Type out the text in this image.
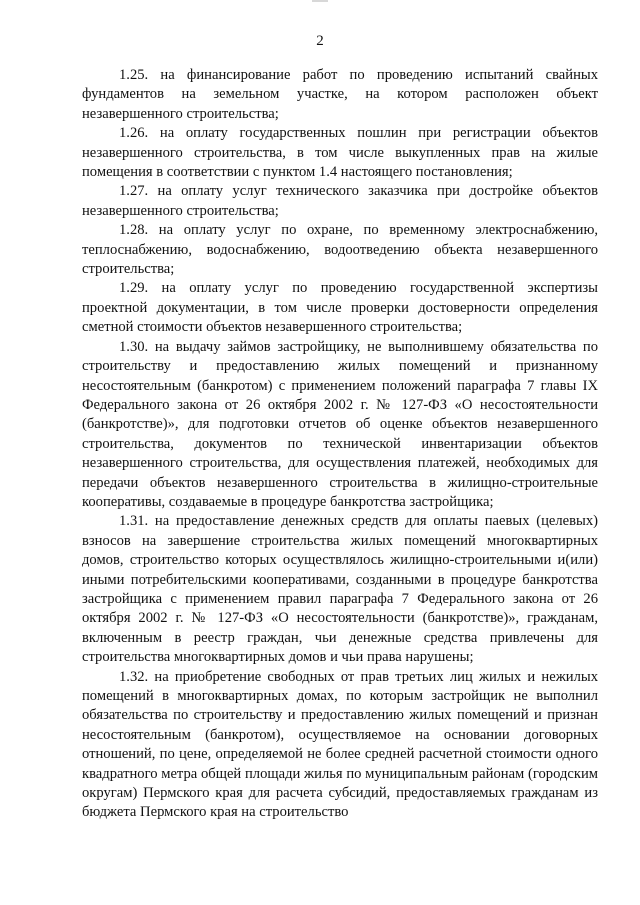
2

1.25. на финансирование работ по проведению испытаний свайных фундаментов на земельном участке, на котором расположен объект незавершенного строительства;

1.26. на оплату государственных пошлин при регистрации объектов незавершенного строительства, в том числе выкупленных прав на жилые помещения в соответствии с пунктом 1.4 настоящего постановления;

1.27. на оплату услуг технического заказчика при достройке объектов незавершенного строительства;

1.28. на оплату услуг по охране, по временному электроснабжению, теплоснабжению, водоснабжению, водоотведению объекта незавершенного строительства;

1.29. на оплату услуг по проведению государственной экспертизы проектной документации, в том числе проверки достоверности определения сметной стоимости объектов незавершенного строительства;

1.30. на выдачу займов застройщику, не выполнившему обязательства по строительству и предоставлению жилых помещений и признанному несостоятельным (банкротом) с применением положений параграфа 7 главы IX Федерального закона от 26 октября 2002 г. № 127-ФЗ «О несостоятельности (банкротстве)», для подготовки отчетов об оценке объектов незавершенного строительства, документов по технической инвентаризации объектов незавершенного строительства, для осуществления платежей, необходимых для передачи объектов незавершенного строительства в жилищно-строительные кооперативы, создаваемые в процедуре банкротства застройщика;

1.31. на предоставление денежных средств для оплаты паевых (целевых) взносов на завершение строительства жилых помещений многоквартирных домов, строительство которых осуществлялось жилищно-строительными и(или) иными потребительскими кооперативами, созданными в процедуре банкротства застройщика с применением правил параграфа 7 Федерального закона от 26 октября 2002 г. № 127-ФЗ «О несостоятельности (банкротстве)», гражданам, включенным в реестр граждан, чьи денежные средства привлечены для строительства многоквартирных домов и чьи права нарушены;

1.32. на приобретение свободных от прав третьих лиц жилых и нежилых помещений в многоквартирных домах, по которым застройщик не выполнил обязательства по строительству и предоставлению жилых помещений и признан несостоятельным (банкротом), осуществляемое на основании договорных отношений, по цене, определяемой не более средней расчетной стоимости одного квадратного метра общей площади жилья по муниципальным районам (городским округам) Пермского края для расчета субсидий, предоставляемых гражданам из бюджета Пермского края на строительство
